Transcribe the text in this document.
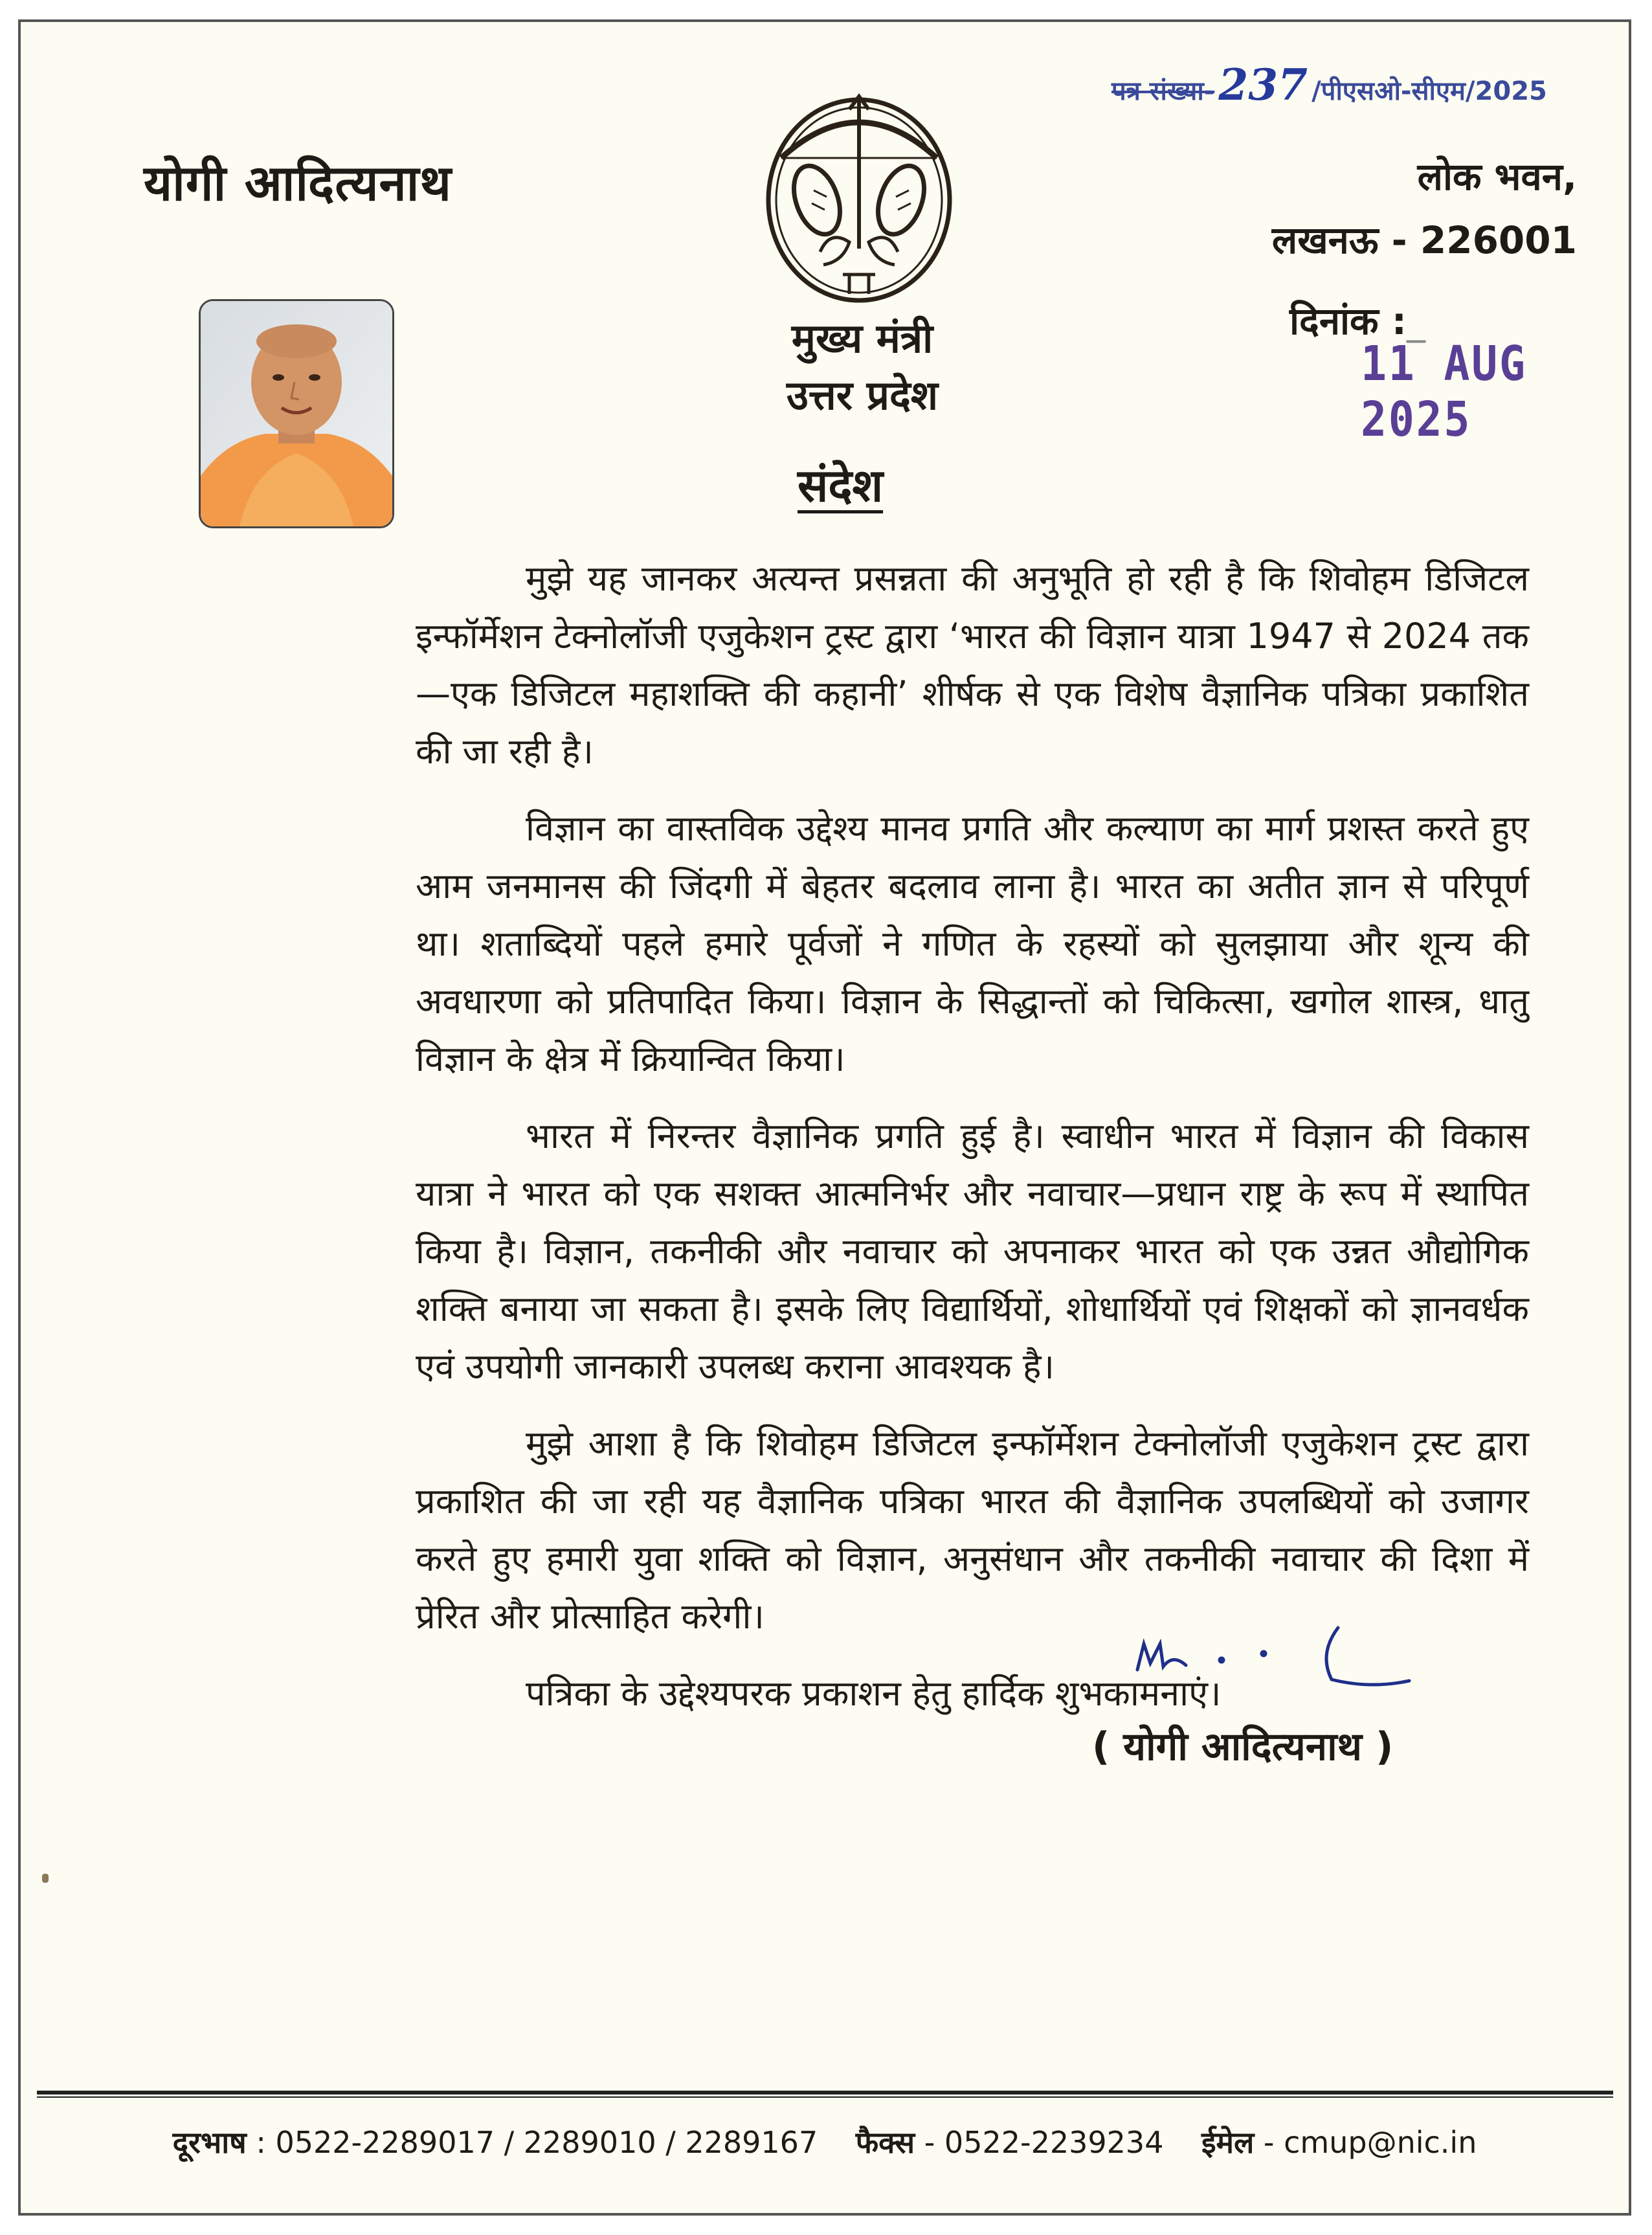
योगी आदित्यनाथ
पत्र संख्या-237 /पीएसओ-सीएम/2025
मुख्य मंत्री
उत्तर प्रदेश
लोक भवन,
लखनऊ - 226001
दिनांक :_
11 AUG 2025
संदेश

मुझे यह जानकर अत्यन्त प्रसन्नता की अनुभूति हो रही है कि शिवोहम डिजिटल इन्फॉर्मेशन टेक्नोलॉजी एजुकेशन ट्रस्ट द्वारा ‘भारत की विज्ञान यात्रा 1947 से 2024 तक—एक डिजिटल महाशक्ति की कहानी’ शीर्षक से एक विशेष वैज्ञानिक पत्रिका प्रकाशित की जा रही है।

विज्ञान का वास्तविक उद्देश्य मानव प्रगति और कल्याण का मार्ग प्रशस्त करते हुए आम जनमानस की जिंदगी में बेहतर बदलाव लाना है। भारत का अतीत ज्ञान से परिपूर्ण था। शताब्दियों पहले हमारे पूर्वजों ने गणित के रहस्यों को सुलझाया और शून्य की अवधारणा को प्रतिपादित किया। विज्ञान के सिद्धान्तों को चिकित्सा, खगोल शास्त्र, धातु विज्ञान के क्षेत्र में क्रियान्वित किया।

भारत में निरन्तर वैज्ञानिक प्रगति हुई है। स्वाधीन भारत में विज्ञान की विकास यात्रा ने भारत को एक सशक्त आत्मनिर्भर और नवाचार—प्रधान राष्ट्र के रूप में स्थापित किया है। विज्ञान, तकनीकी और नवाचार को अपनाकर भारत को एक उन्नत औद्योगिक शक्ति बनाया जा सकता है। इसके लिए विद्यार्थियों, शोधार्थियों एवं शिक्षकों को ज्ञानवर्धक एवं उपयोगी जानकारी उपलब्ध कराना आवश्यक है।

मुझे आशा है कि शिवोहम डिजिटल इन्फॉर्मेशन टेक्नोलॉजी एजुकेशन ट्रस्ट द्वारा प्रकाशित की जा रही यह वैज्ञानिक पत्रिका भारत की वैज्ञानिक उपलब्धियों को उजागर करते हुए हमारी युवा शक्ति को विज्ञान, अनुसंधान और तकनीकी नवाचार की दिशा में प्रेरित और प्रोत्साहित करेगी।

पत्रिका के उद्देश्यपरक प्रकाशन हेतु हार्दिक शुभकामनाएं।

( योगी आदित्यनाथ )
दूरभाष : 0522-2289017 / 2289010 / 2289167 फैक्स - 0522-2239234 ईमेल - cmup@nic.in
